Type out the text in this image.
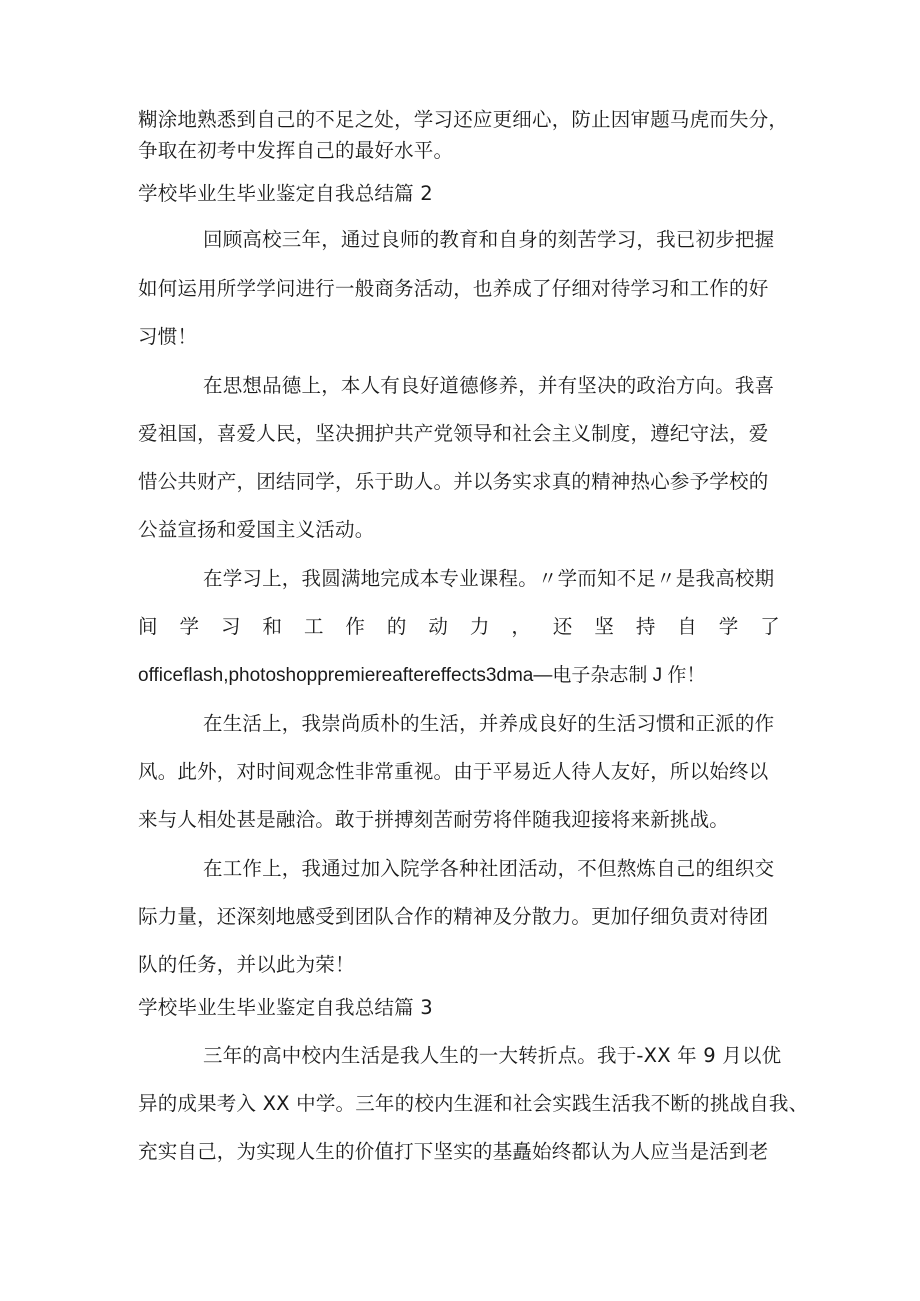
糊涂地熟悉到自己的不足之处，学习还应更细心，防止因审题马虎而失分，
争取在初考中发挥自己的最好水平。
学校毕业生毕业鉴定自我总结篇 2
回顾高校三年，通过良师的教育和自身的刻苦学习，我已初步把握
如何运用所学学问进行一般商务活动，也养成了仔细对待学习和工作的好
习惯！
在思想品德上，本人有良好道德修养，并有坚决的政治方向。我喜
爱祖国，喜爱人民，坚决拥护共产党领导和社会主义制度，遵纪守法，爱
惜公共财产，团结同学，乐于助人。并以务实求真的精神热心参予学校的
公益宣扬和爱国主义活动。
在学习上，我圆满地完成本专业课程。〃学而知不足〃是我高校期
间 学 习 和 工 作 的 动 力 ， 还 坚 持 自 学 了
officeflash,photoshoppremiereaftereffects3dma—电子杂志制 J 作！
在生活上，我崇尚质朴的生活，并养成良好的生活习惯和正派的作
风。此外，对时间观念性非常重视。由于平易近人待人友好，所以始终以
来与人相处甚是融洽。敢于拼搏刻苦耐劳将伴随我迎接将来新挑战。
在工作上，我通过加入院学各种社团活动，不但熬炼自己的组织交
际力量，还深刻地感受到团队合作的精神及分散力。更加仔细负责对待团
队的任务，并以此为荣！
学校毕业生毕业鉴定自我总结篇 3
三年的高中校内生活是我人生的一大转折点。我于-XX 年 9 月以优
异的成果考入 XX 中学。三年的校内生涯和社会实践生活我不断的挑战自我、
充实自己，为实现人生的价值打下坚实的基矗始终都认为人应当是活到老
